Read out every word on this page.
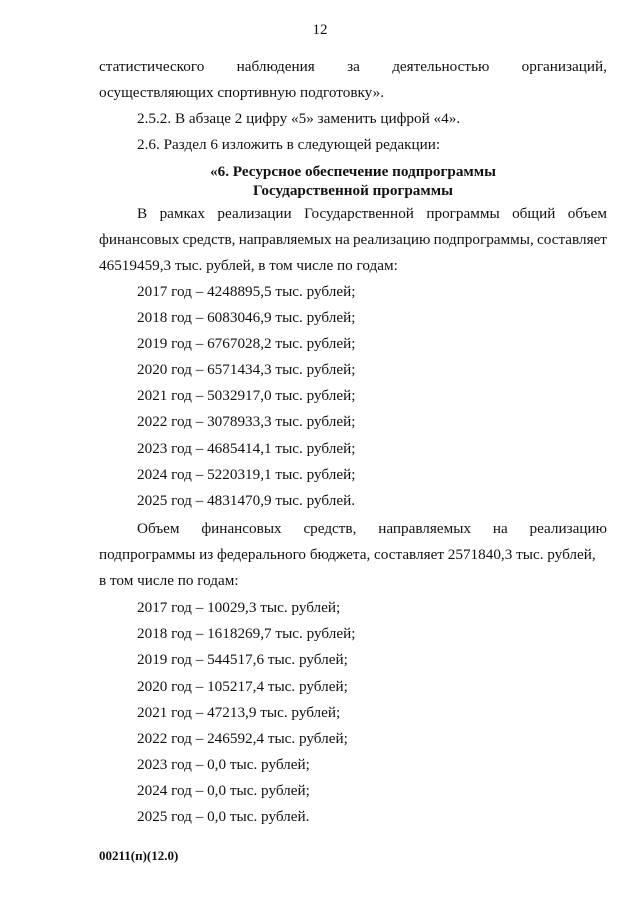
12
статистического наблюдения за деятельностью организаций,
осуществляющих спортивную подготовку».
2.5.2. В абзаце 2 цифру «5» заменить цифрой «4».
2.6. Раздел 6 изложить в следующей редакции:
«6. Ресурсное обеспечение подпрограммы
Государственной программы
В рамках реализации Государственной программы общий объем
финансовых средств, направляемых на реализацию подпрограммы, составляет
46519459,3 тыс. рублей, в том числе по годам:
2017 год – 4248895,5 тыс. рублей;
2018 год – 6083046,9 тыс. рублей;
2019 год – 6767028,2 тыс. рублей;
2020 год – 6571434,3 тыс. рублей;
2021 год – 5032917,0 тыс. рублей;
2022 год – 3078933,3 тыс. рублей;
2023 год – 4685414,1 тыс. рублей;
2024 год – 5220319,1 тыс. рублей;
2025 год – 4831470,9 тыс. рублей.
Объем финансовых средств, направляемых на реализацию
подпрограммы из федерального бюджета, составляет 2571840,3 тыс. рублей,
в том числе по годам:
2017 год – 10029,3 тыс. рублей;
2018 год – 1618269,7 тыс. рублей;
2019 год – 544517,6 тыс. рублей;
2020 год – 105217,4 тыс. рублей;
2021 год – 47213,9 тыс. рублей;
2022 год – 246592,4 тыс. рублей;
2023 год – 0,0 тыс. рублей;
2024 год – 0,0 тыс. рублей;
2025 год – 0,0 тыс. рублей.
00211(п)(12.0)
